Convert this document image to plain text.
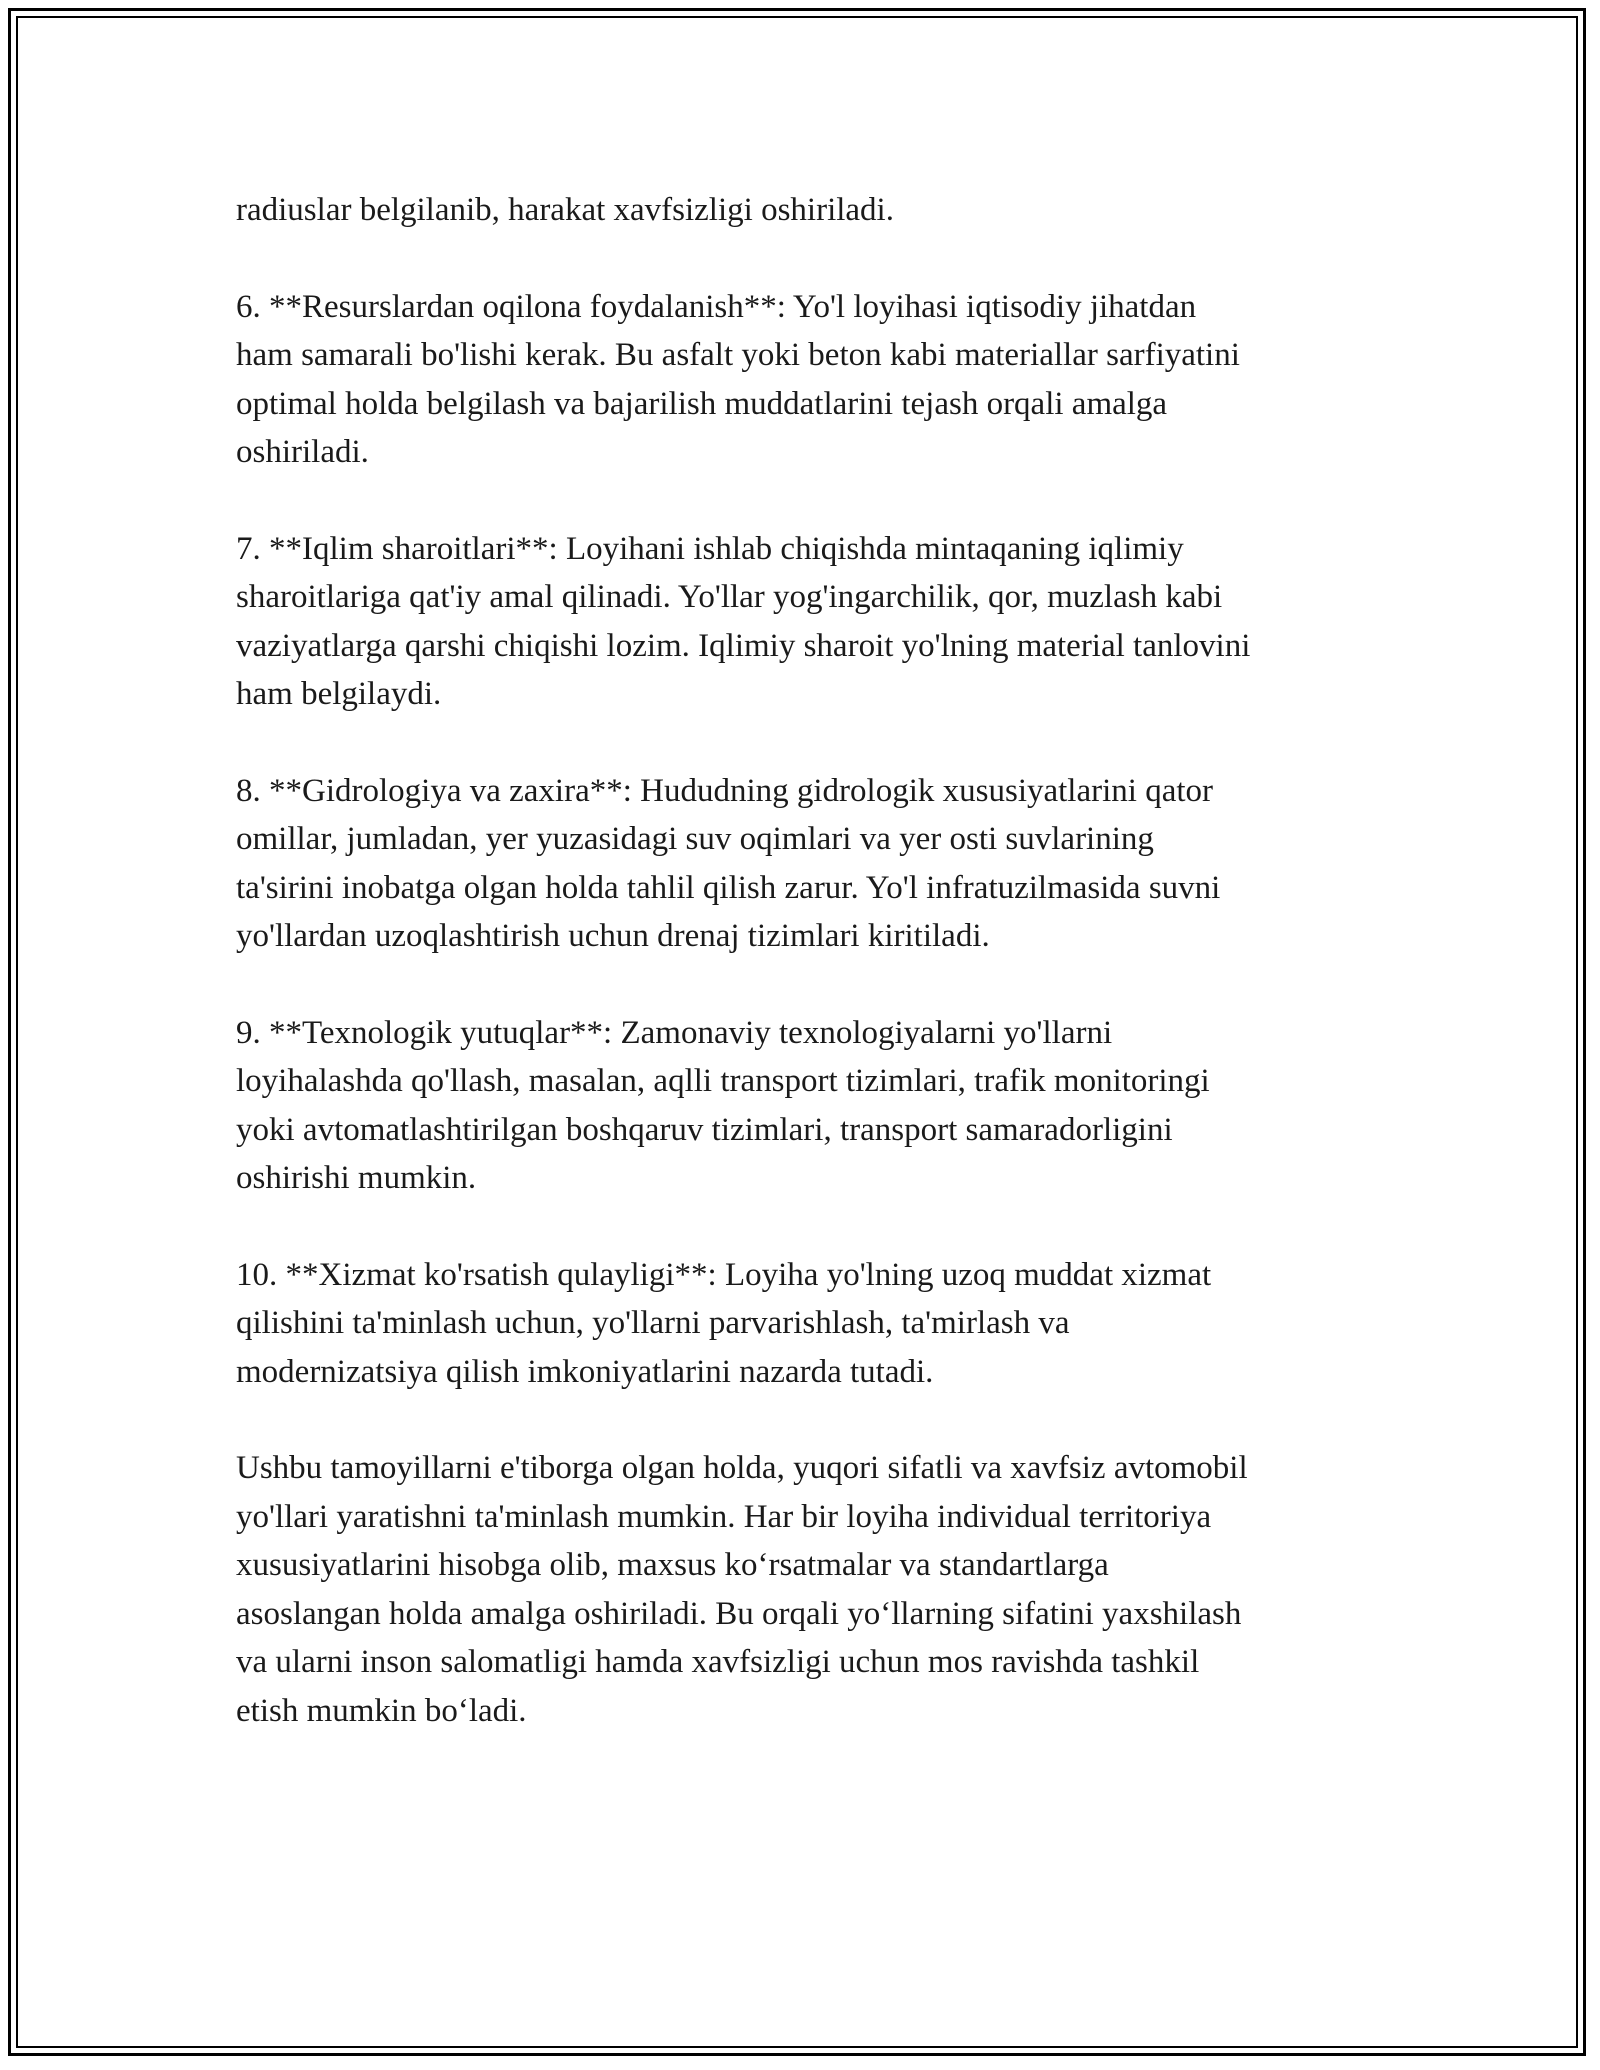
radiuslar belgilanib, harakat xavfsizligi oshiriladi.

6. **Resurslardan oqilona foydalanish**: Yo'l loyihasi iqtisodiy jihatdan
ham samarali bo'lishi kerak. Bu asfalt yoki beton kabi materiallar sarfiyatini
optimal holda belgilash va bajarilish muddatlarini tejash orqali amalga
oshiriladi.

7. **Iqlim sharoitlari**: Loyihani ishlab chiqishda mintaqaning iqlimiy
sharoitlariga qat'iy amal qilinadi. Yo'llar yog'ingarchilik, qor, muzlash kabi
vaziyatlarga qarshi chiqishi lozim. Iqlimiy sharoit yo'lning material tanlovini
ham belgilaydi.

8. **Gidrologiya va zaxira**: Hududning gidrologik xususiyatlarini qator
omillar, jumladan, yer yuzasidagi suv oqimlari va yer osti suvlarining
ta'sirini inobatga olgan holda tahlil qilish zarur. Yo'l infratuzilmasida suvni
yo'llardan uzoqlashtirish uchun drenaj tizimlari kiritiladi.

9. **Texnologik yutuqlar**: Zamonaviy texnologiyalarni yo'llarni
loyihalashda qo'llash, masalan, aqlli transport tizimlari, trafik monitoringi
yoki avtomatlashtirilgan boshqaruv tizimlari, transport samaradorligini
oshirishi mumkin.

10. **Xizmat ko'rsatish qulayligi**: Loyiha yo'lning uzoq muddat xizmat
qilishini ta'minlash uchun, yo'llarni parvarishlash, ta'mirlash va
modernizatsiya qilish imkoniyatlarini nazarda tutadi.

Ushbu tamoyillarni e'tiborga olgan holda, yuqori sifatli va xavfsiz avtomobil
yo'llari yaratishni ta'minlash mumkin. Har bir loyiha individual territoriya
xususiyatlarini hisobga olib, maxsus ko‘rsatmalar va standartlarga
asoslangan holda amalga oshiriladi. Bu orqali yo‘llarning sifatini yaxshilash
va ularni inson salomatligi hamda xavfsizligi uchun mos ravishda tashkil
etish mumkin bo‘ladi.
